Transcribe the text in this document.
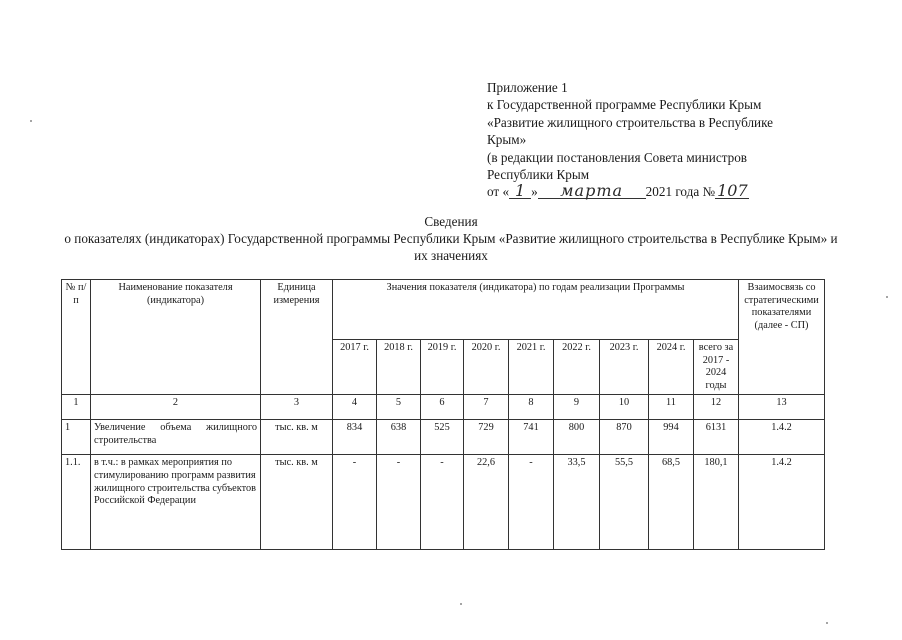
Приложение 1
к Государственной программе Республики Крым
«Развитие жилищного строительства в Республике
Крым»
(в редакции постановления Совета министров
Республики Крым
от « 1 » марта 2021 года № 107
Сведения
о показателях (индикаторах) Государственной программы Республики Крым «Развитие жилищного строительства в Республике Крым» и их значениях
№ п/п	Наименование показателя (индикатора)	Единица измерения	Значения показателя (индикатора) по годам реализации Программы									Взаимосвязь со стратегическими показателями (далее - СП)
			2017 г.	2018 г.	2019 г.	2020 г.	2021 г.	2022 г.	2023 г.	2024 г.	всего за 2017 - 2024 годы	
1	2	3	4	5	6	7	8	9	10	11	12	13
1	Увеличение объема жилищного строительства	тыс. кв. м	834	638	525	729	741	800	870	994	6131	1.4.2
1.1.	в т.ч.: в рамках мероприятия по стимулированию программ развития жилищного строительства субъектов Российской Федерации	тыс. кв. м	-	-	-	22,6	-	33,5	55,5	68,5	180,1	1.4.2
